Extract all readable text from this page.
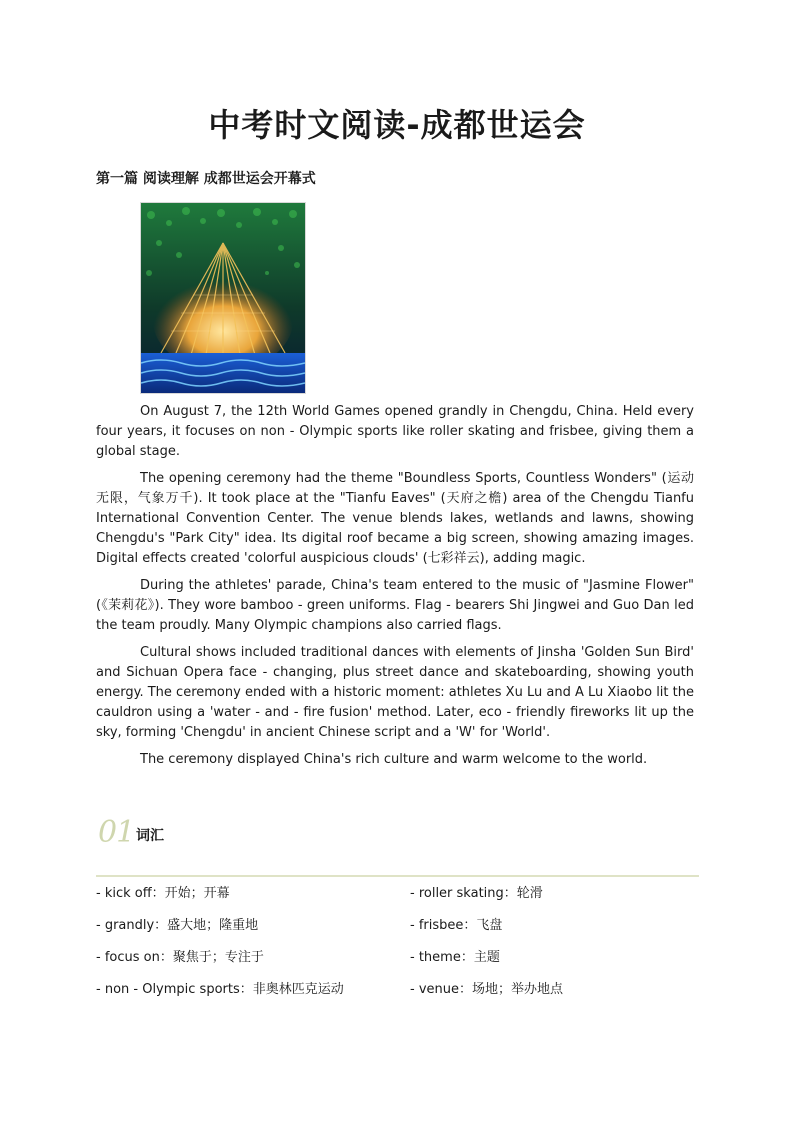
中考时文阅读-成都世运会
第一篇 阅读理解 成都世运会开幕式

On August 7, the 12th World Games opened grandly in Chengdu, China. Held every four years, it focuses on non - Olympic sports like roller skating and frisbee, giving them a global stage.

The opening ceremony had the theme "Boundless Sports, Countless Wonders" (运动无限，气象万千). It took place at the "Tianfu Eaves" (天府之檐) area of the Chengdu Tianfu International Convention Center. The venue blends lakes, wetlands and lawns, showing Chengdu's "Park City" idea. Its digital roof became a big screen, showing amazing images. Digital effects created 'colorful auspicious clouds' (七彩祥云), adding magic.

During the athletes' parade, China's team entered to the music of "Jasmine Flower" (《茉莉花》). They wore bamboo - green uniforms. Flag - bearers Shi Jingwei and Guo Dan led the team proudly. Many Olympic champions also carried flags.

Cultural shows included traditional dances with elements of Jinsha 'Golden Sun Bird' and Sichuan Opera face - changing, plus street dance and skateboarding, showing youth energy. The ceremony ended with a historic moment: athletes Xu Lu and A Lu Xiaobo lit the cauldron using a 'water - and - fire fusion' method. Later, eco - friendly fireworks lit up the sky, forming 'Chengdu' in ancient Chinese script and a 'W' for 'World'.

The ceremony displayed China's rich culture and warm welcome to the world.

01 词汇
- kick off：开始；开幕	- roller skating：轮滑
- grandly：盛大地；隆重地	- frisbee：飞盘
- focus on：聚焦于；专注于	- theme：主题
- non - Olympic sports：非奥林匹克运动	- venue：场地；举办地点
